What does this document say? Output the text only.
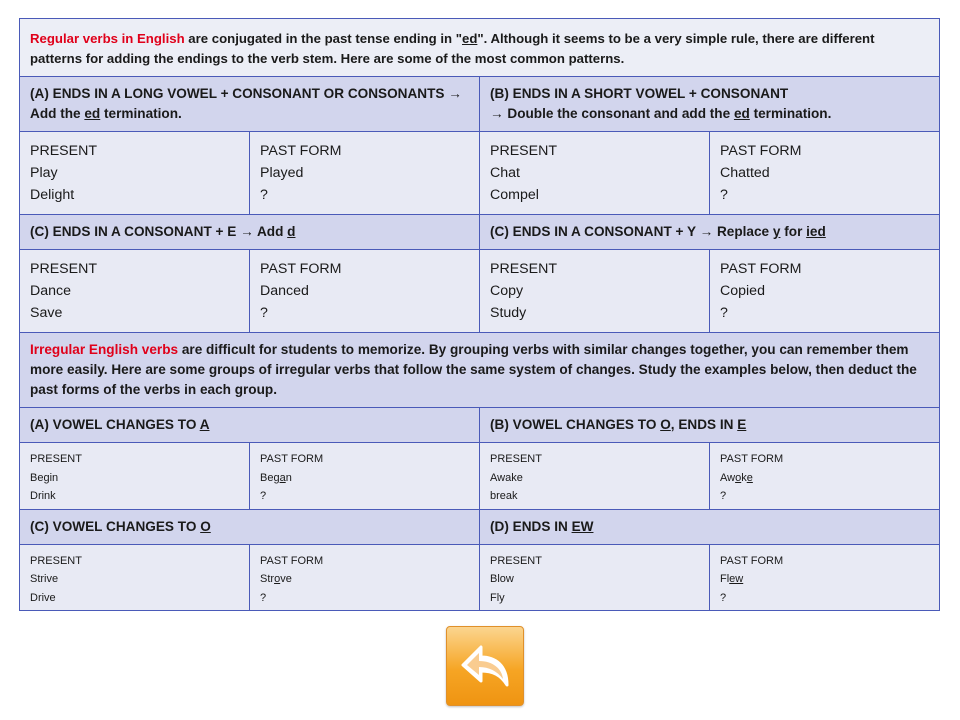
Regular verbs in English are conjugated in the past tense ending in "ed". Although it seems to be a very simple rule, there are different patterns for adding the endings to the verb stem. Here are some of the most common patterns.			
(A) ENDS IN A LONG VOWEL + CONSONANT OR CONSONANTS → Add the ed termination.		(B) ENDS IN A SHORT VOWEL + CONSONANT
→ Double the consonant and add the ed termination.	

PRESENT
Play
Delight	PAST FORM
Played
?	PRESENT
Chat
Compel	PAST FORM
Chatted
?

(C) ENDS IN A CONSONANT + E → Add d		(C) ENDS IN A CONSONANT + Y → Replace y for ied	

PRESENT
Dance
Save	PAST FORM
Danced
?	PRESENT
Copy
Study	PAST FORM
Copied
?

Irregular English verbs are difficult for students to memorize. By grouping verbs with similar changes together, you can remember them more easily. Here are some groups of irregular verbs that follow the same system of changes. Study the examples below, then deduct the past forms of the verbs in each group.			
(A) VOWEL CHANGES TO A		(B) VOWEL CHANGES TO O, ENDS IN E	

PRESENT
Begin
Drink	PAST FORM
Began
?	PRESENT
Awake
break	PAST FORM
Awoke
?

(C) VOWEL CHANGES TO O		(D) ENDS IN EW	

PRESENT
Strive
Drive	PAST FORM
Strove
?	PRESENT
Blow
Fly	PAST FORM
Flew
?
